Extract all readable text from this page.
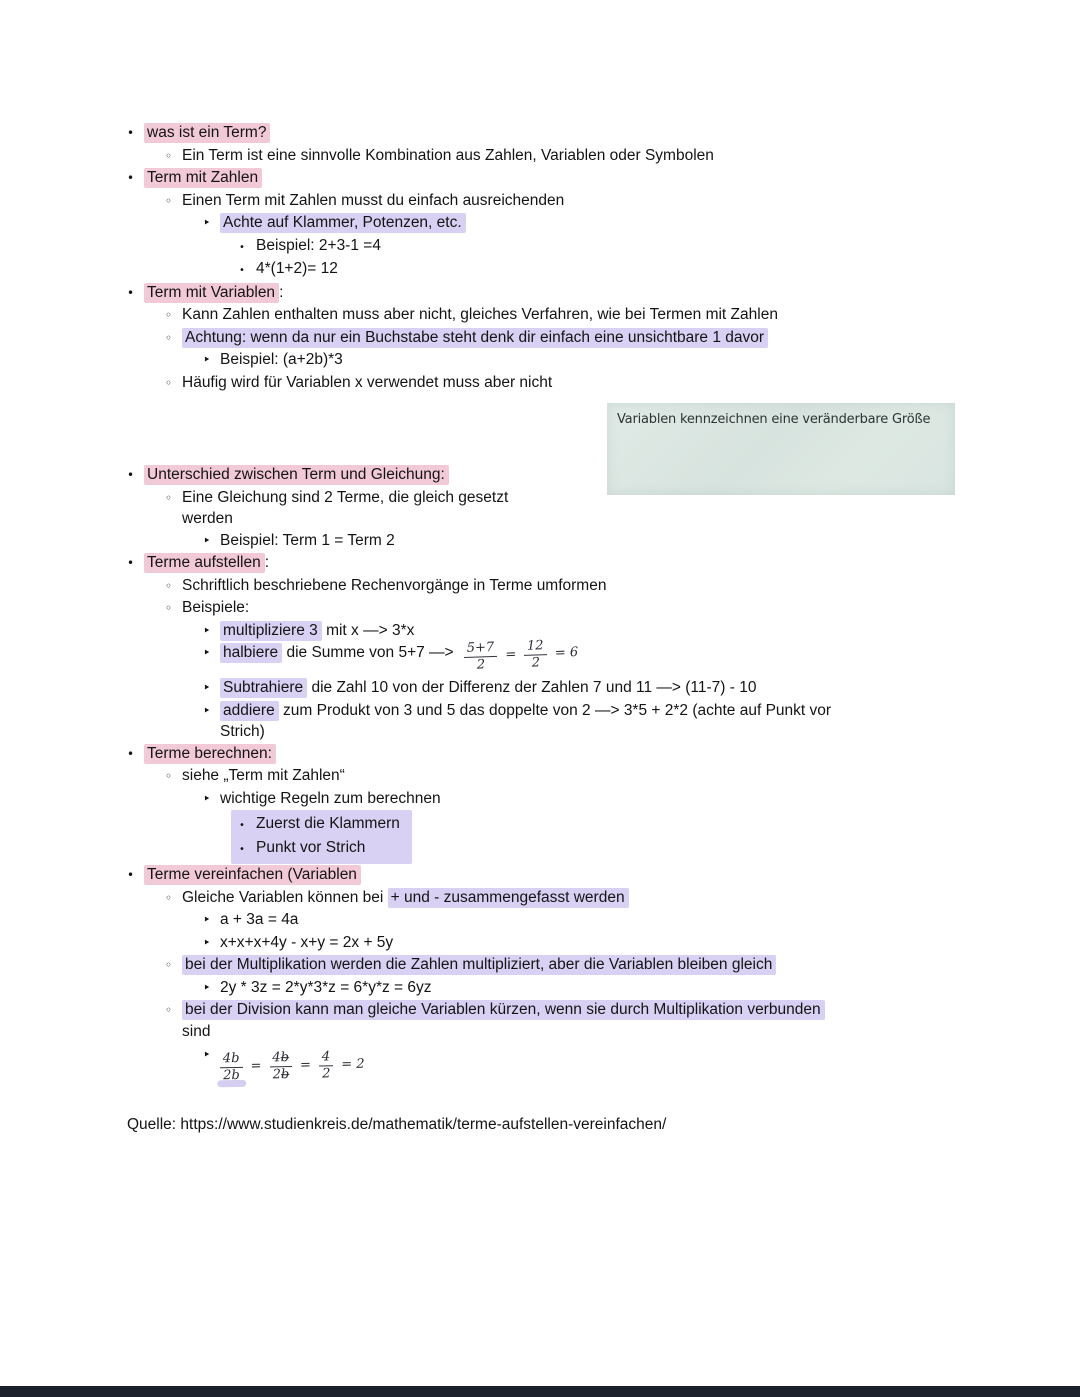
•
was ist ein Term?
◦
Ein Term ist eine sinnvolle Kombination aus Zahlen, Variablen oder Symbolen
•
Term mit Zahlen
◦
Einen Term mit Zahlen musst du einfach ausreichenden
‣
Achte auf Klammer, Potenzen, etc.
•
Beispiel: 2+3-1 =4
•
4*(1+2)= 12
•
Term mit Variablen :
◦
Kann Zahlen enthalten muss aber nicht, gleiches Verfahren, wie bei Termen mit Zahlen
◦
Achtung: wenn da nur ein Buchstabe steht denk dir einfach eine unsichtbare 1 davor
‣
Beispiel: (a+2b)*3
◦
Häufig wird für Variablen x verwendet muss aber nicht
•
Unterschied zwischen Term und Gleichung:
◦
Eine Gleichung sind 2 Terme, die gleich gesetzt
werden
‣
Beispiel: Term 1 = Term 2
•
Terme aufstellen :
◦
Schriftlich beschriebene Rechenvorgänge in Terme umformen
◦
Beispiele:
‣
multipliziere 3 mit x —> 3*x
‣
halbiere die Summe von 5+7 —> $\frac{5+7}{2} = \frac{12}{2} = 6$
‣
Subtrahiere die Zahl 10 von der Differenz der Zahlen 7 und 11 —> (11-7) - 10
‣
addiere zum Produkt von 3 und 5 das doppelte von 2 —> 3*5 + 2*2 (achte auf Punkt vor
Strich)
•
Terme berechnen:
◦
siehe „Term mit Zahlen“
‣
wichtige Regeln zum berechnen
•
Zuerst die Klammern
•
Punkt vor Strich
•
Terme vereinfachen (Variablen
◦
Gleiche Variablen können bei + und - zusammengefasst werden
‣
a + 3a = 4a
‣
x+x+x+4y - x+y = 2x + 5y
◦
bei der Multiplikation werden die Zahlen multipliziert, aber die Variablen bleiben gleich
‣
2y * 3z = 2*y*3*z = 6*y*z = 6yz
◦
bei der Division kann man gleiche Variablen kürzen, wenn sie durch Multiplikation verbunden
sind
‣
$\frac{4b}{2b} = \frac{4b}{2b} = \frac{4}{2} = 2$
Quelle: https://www.studienkreis.de/mathematik/terme-aufstellen-vereinfachen/
Variablen kennzeichnen eine veränderbare Größe
